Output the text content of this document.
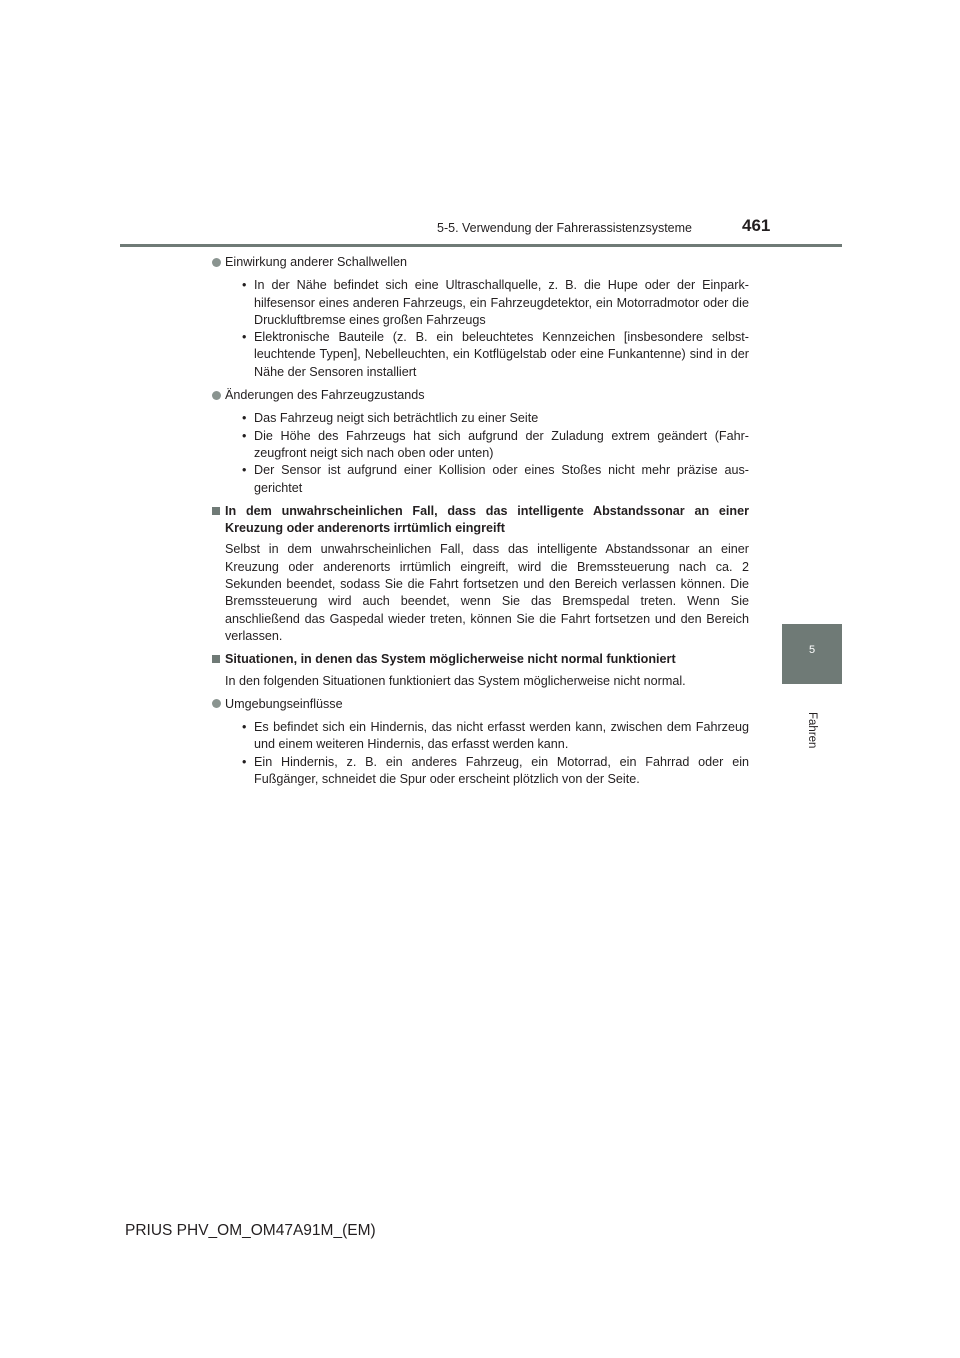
5-5. Verwendung der Fahrerassistenzsysteme	461
5
Fahren
Einwirkung anderer Schallwellen
• In der Nähe befindet sich eine Ultraschallquelle, z. B. die Hupe oder der Einparkhilfesensor eines anderen Fahrzeugs, ein Fahrzeugdetektor, ein Motorradmotor oder die Druckluftbremse eines großen Fahrzeugs
• Elektronische Bauteile (z. B. ein beleuchtetes Kennzeichen [insbesondere selbstleuchtende Typen], Nebelleuchten, ein Kotflügelstab oder eine Funkantenne) sind in der Nähe der Sensoren installiert
Änderungen des Fahrzeugzustands
• Das Fahrzeug neigt sich beträchtlich zu einer Seite
• Die Höhe des Fahrzeugs hat sich aufgrund der Zuladung extrem geändert (Fahrzeugfront neigt sich nach oben oder unten)
• Der Sensor ist aufgrund einer Kollision oder eines Stoßes nicht mehr präzise ausgerichtet
In dem unwahrscheinlichen Fall, dass das intelligente Abstandssonar an einer Kreuzung oder anderenorts irrtümlich eingreift
Selbst in dem unwahrscheinlichen Fall, dass das intelligente Abstandssonar an einer Kreuzung oder anderenorts irrtümlich eingreift, wird die Bremssteuerung nach ca. 2 Sekunden beendet, sodass Sie die Fahrt fortsetzen und den Bereich verlassen können. Die Bremssteuerung wird auch beendet, wenn Sie das Bremspedal treten. Wenn Sie anschließend das Gaspedal wieder treten, können Sie die Fahrt fortsetzen und den Bereich verlassen.
Situationen, in denen das System möglicherweise nicht normal funktioniert
In den folgenden Situationen funktioniert das System möglicherweise nicht normal.
Umgebungseinflüsse
• Es befindet sich ein Hindernis, das nicht erfasst werden kann, zwischen dem Fahrzeug und einem weiteren Hindernis, das erfasst werden kann.
• Ein Hindernis, z. B. ein anderes Fahrzeug, ein Motorrad, ein Fahrrad oder ein Fußgänger, schneidet die Spur oder erscheint plötzlich von der Seite.
PRIUS PHV_OM_OM47A91M_(EM)
